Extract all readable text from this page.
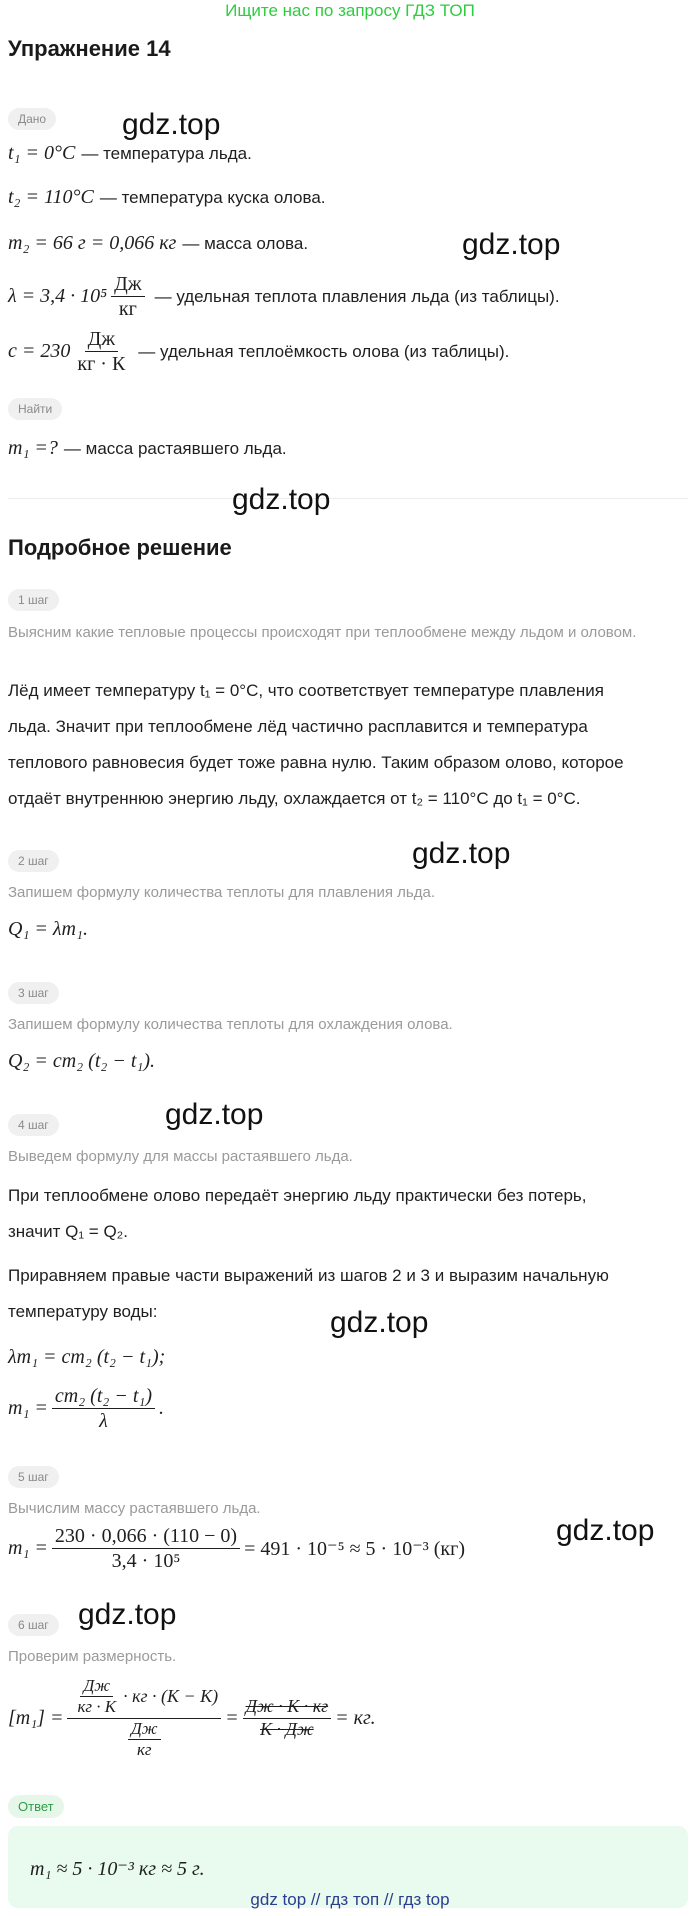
Ищите нас по запросу ГДЗ ТОП
Упражнение 14
Дано	gdz.top
t₁ = 0°C — температура льда.
t₂ = 110°C — температура куска олова.
m₂ = 66 г = 0,066 кг — масса олова.	gdz.top
$\lambda = 3,4 \cdot 10^5 \frac{Дж}{кг}$ — удельная теплота плавления льда (из таблицы).
$c = 230 \frac{Дж}{кг \cdot К}$ — удельная теплоёмкость олова (из таблицы).
Найти
m₁ =? — масса растаявшего льда.
gdz.top
Подробное решение
1 шаг
Выясним какие тепловые процессы происходят при теплообмене между льдом и оловом.
Лёд имеет температуру t₁ = 0°C, что соответствует температуре плавления
льда. Значит при теплообмене лёд частично расплавится и температура
теплового равновесия будет тоже равна нулю. Таким образом олово, которое
отдаёт внутреннюю энергию льду, охлаждается от t₂ = 110°C до t₁ = 0°C.
gdz.top
2 шаг
Запишем формулу количества теплоты для плавления льда.
Q₁ = λm₁.
3 шаг
Запишем формулу количества теплоты для охлаждения олова.
Q₂ = cm₂ (t₂ − t₁).
4 шаг	gdz.top
Выведем формулу для массы растаявшего льда.
При теплообмене олово передаёт энергию льду практически без потерь,
значит Q₁ = Q₂.
Приравняем правые части выражений из шагов 2 и 3 и выразим начальную
температуру воды:	gdz.top
λm₁ = cm₂ (t₂ − t₁);
$m_1 = \frac{\text{cm₂ (t₂ − t₁)}}{\lambda}$ .
5 шаг
Вычислим массу растаявшего льда.
$m_1 = \frac{230 \cdot 0,066 \cdot (110 - 0)}{\text{3,4 · 10⁵}} = 491 \cdot 10^{-5} \approx 5 \cdot 10^{-3}$ (кг)
gdz.top
6 шаг gdz.top
Проверим размерность.
$[m_1] = \frac{\frac{Дж}{кг \cdot К} \cdot кг \cdot (К - К)}{\frac{Дж}{кг}} = \frac{Дж \cdot К \cdot кг}{К \cdot Дж}$ = кг.
Ответ
m₁ ≈ 5 · 10⁻³ кг ≈ 5 г.
gdz top // гдз топ // гдз top
